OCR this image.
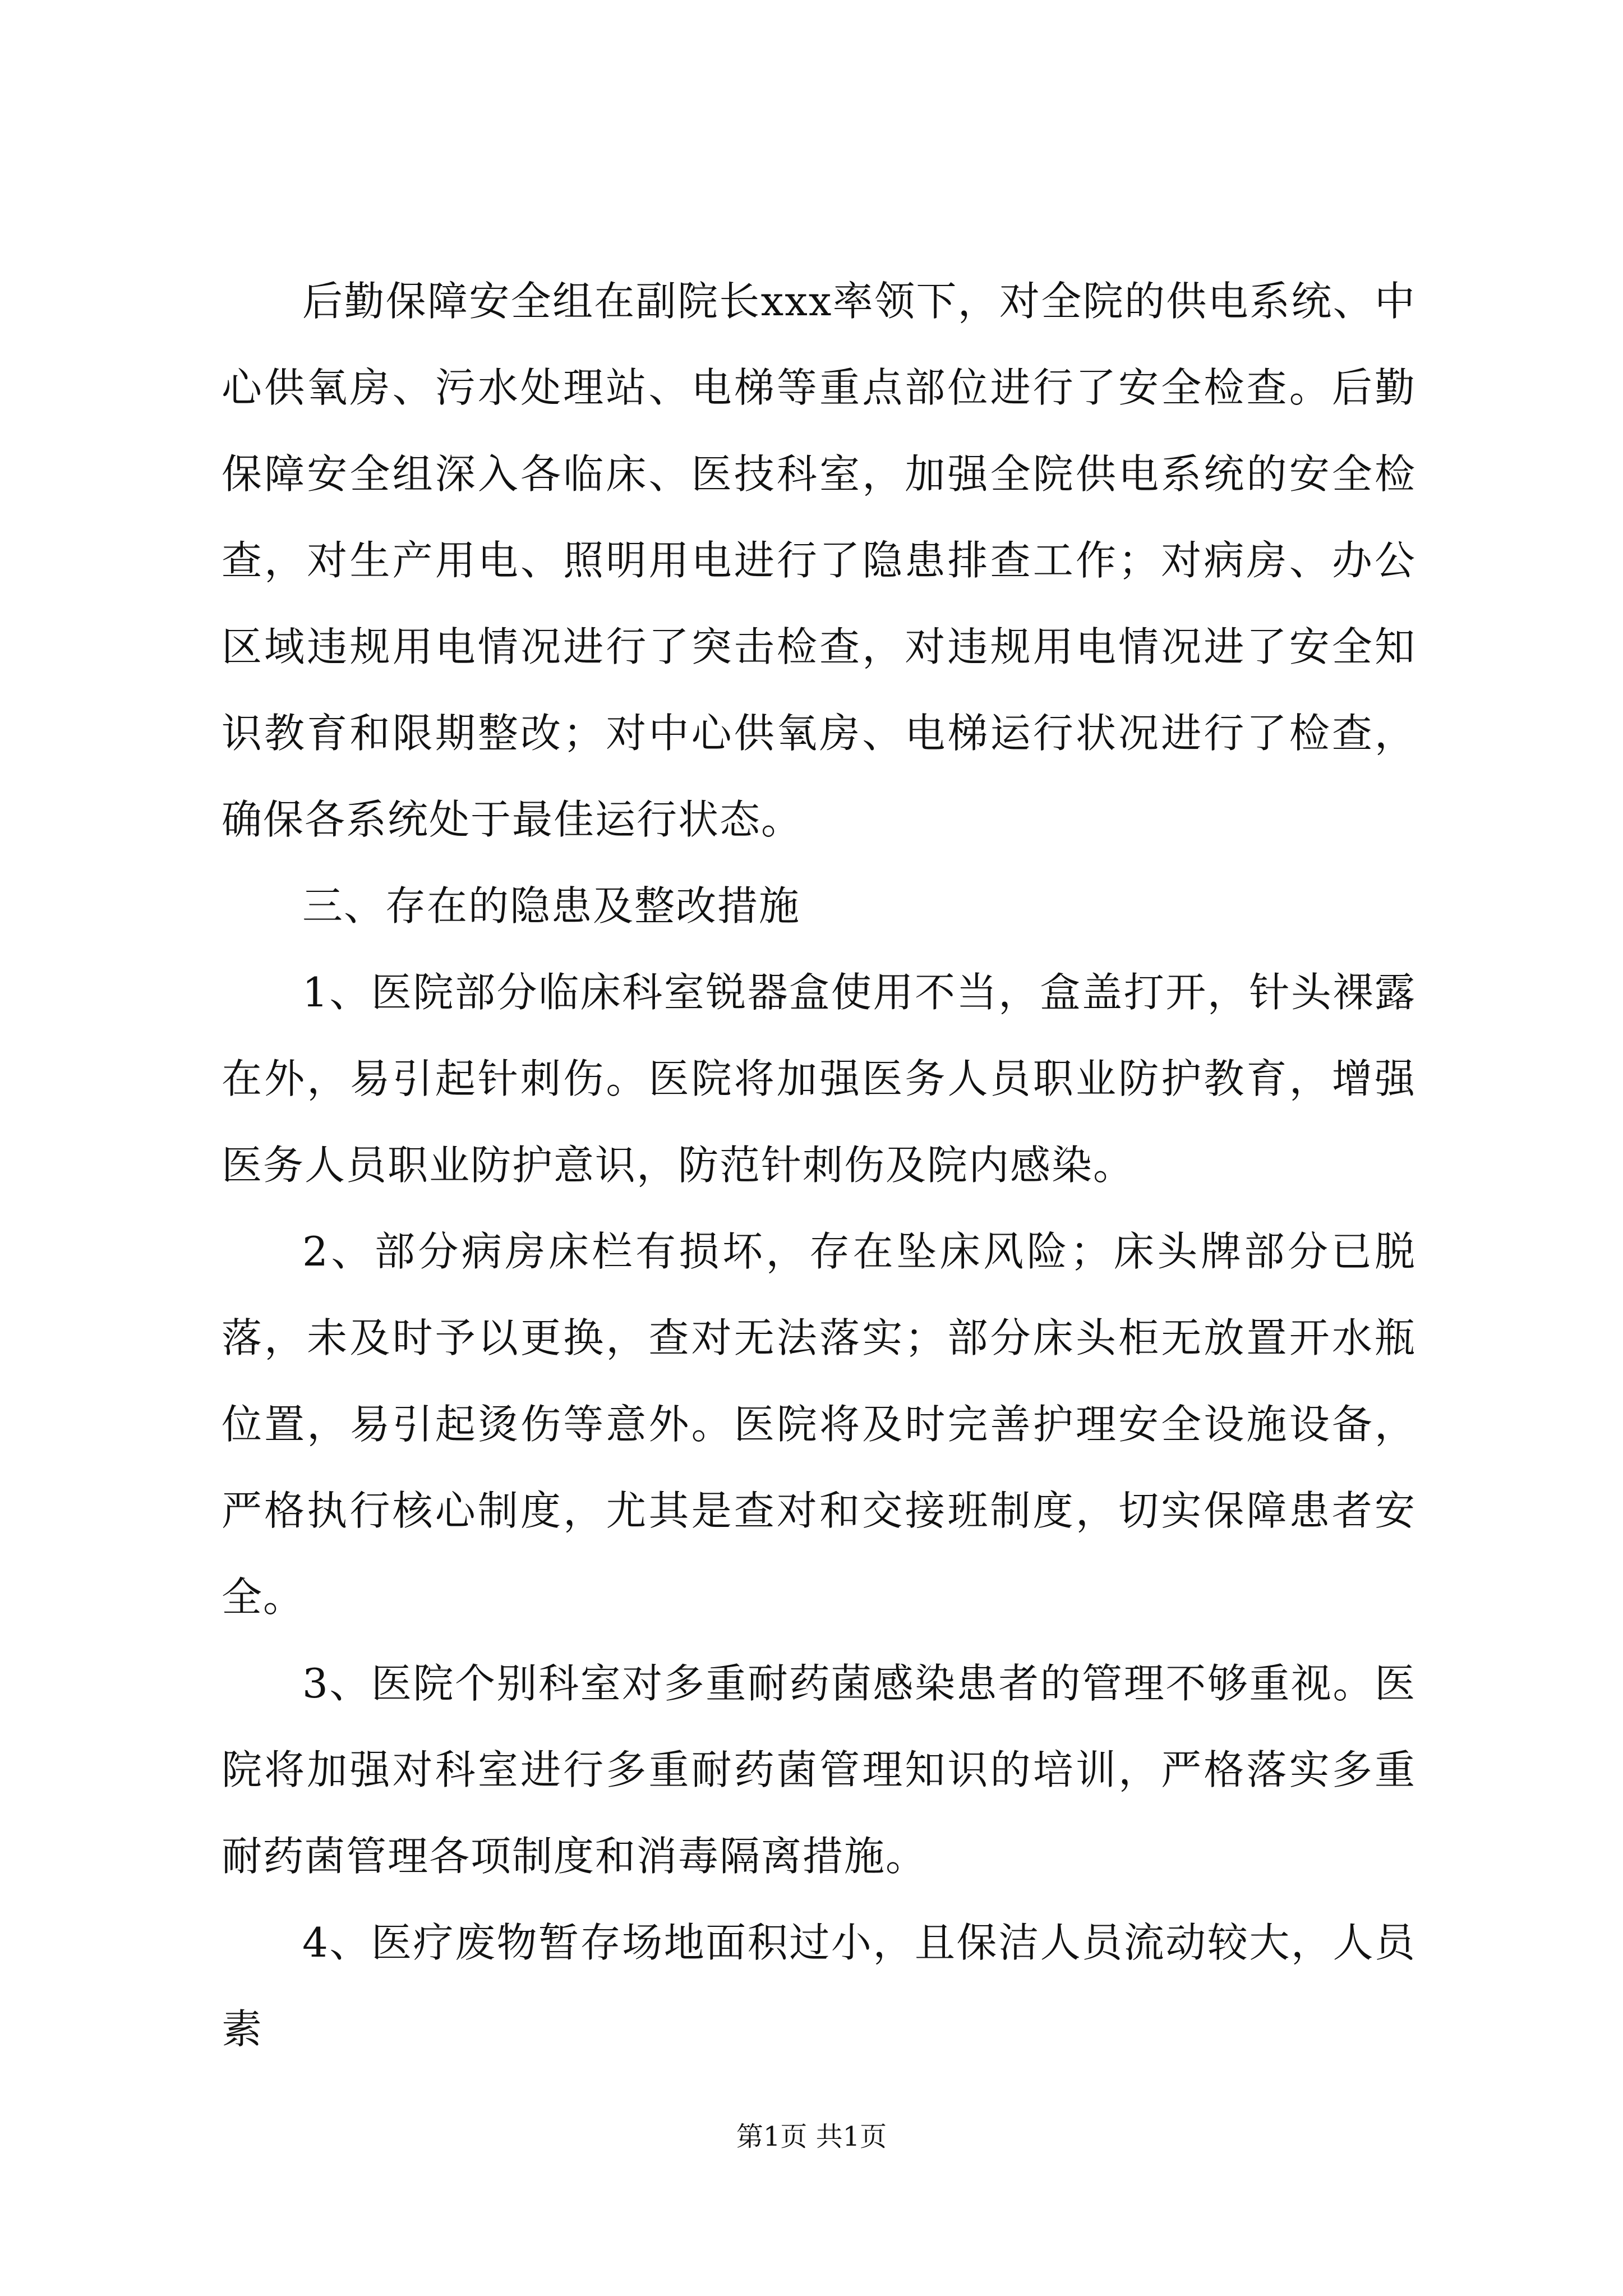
后勤保障安全组在副院长xxx率领下，对全院的供电系统、中心供氧房、污水处理站、电梯等重点部位进行了安全检查。后勤保障安全组深入各临床、医技科室，加强全院供电系统的安全检查，对生产用电、照明用电进行了隐患排查工作；对病房、办公区域违规用电情况进行了突击检查，对违规用电情况进了安全知识教育和限期整改；对中心供氧房、电梯运行状况进行了检查，确保各系统处于最佳运行状态。

三、存在的隐患及整改措施

1、医院部分临床科室锐器盒使用不当，盒盖打开，针头裸露在外，易引起针刺伤。医院将加强医务人员职业防护教育，增强医务人员职业防护意识，防范针刺伤及院内感染。

2、部分病房床栏有损坏，存在坠床风险；床头牌部分已脱落，未及时予以更换，查对无法落实；部分床头柜无放置开水瓶位置，易引起烫伤等意外。医院将及时完善护理安全设施设备，严格执行核心制度，尤其是查对和交接班制度，切实保障患者安全。

3、医院个别科室对多重耐药菌感染患者的管理不够重视。医院将加强对科室进行多重耐药菌管理知识的培训，严格落实多重耐药菌管理各项制度和消毒隔离措施。

4、医疗废物暂存场地面积过小，且保洁人员流动较大，人员素

第1页 共1页
